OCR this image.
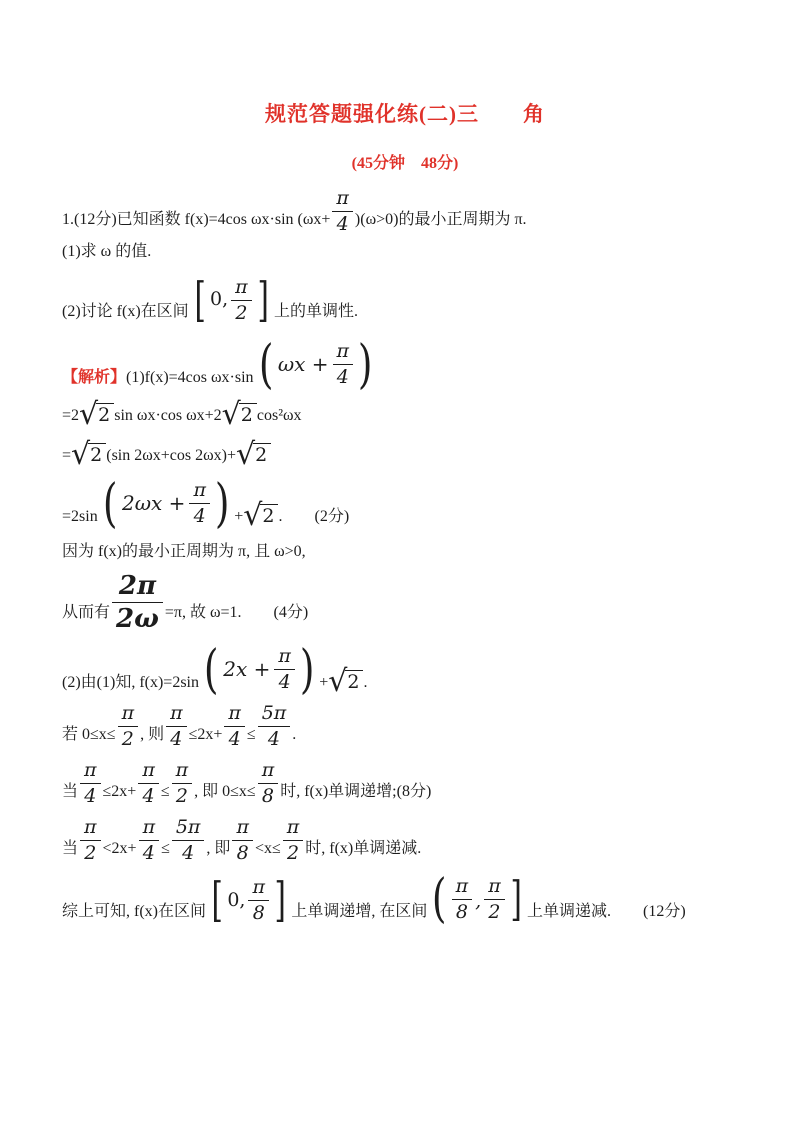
规范答题强化练(二)三　　角
(45分钟　48分)

1.(12分)已知函数 f(x)=4cos ωx·sin $(\omega x+ \frac{\pi}{4} )(\omega>0)$的最小正周期为 π.

(1)求 ω 的值.

(2)讨论 f(x)在区间 [ 0, $\frac{\pi}{2}$ ] 上的单调性.

【解析】(1)f(x)=4cos ωx·sin ( $\omega x + \frac{\pi}{4}$ )

=2 √ 2 sin ωx·cos ωx+2 √ 2 cos²ωx

= √ 2 (sin 2ωx+cos 2ωx)+ √ 2

=2sin ( $2\omega x + \frac{\pi}{4}$ ) + √ 2 .　　(2分)

因为 f(x)的最小正周期为 π, 且 ω>0,

从而有 $\frac{2\pi}{2\omega} =\pi$, 故 ω=1.　　(4分)

(2)由(1)知, f(x)=2sin ( $2x + \frac{\pi}{4}$ ) + √ 2 .

若 $0\le x\le \frac{\pi}{2}$ , 则 $\frac{\pi}{4} \le 2x+ \frac{\pi}{4} \le \frac{5\pi}{4}$ .

当 $\frac{\pi}{4} \le 2x+ \frac{\pi}{4} \le \frac{\pi}{2}$ , 即 $0\le x\le \frac{\pi}{8}$ 时, f(x)单调递增;(8分)

当 $\frac{\pi}{2} <2x+ \frac{\pi}{4} \le \frac{5\pi}{4}$ , 即 $\frac{\pi}{8} <x\le \frac{\pi}{2}$ 时, f(x)单调递减.

综上可知, f(x)在区间 [ 0, $\frac{\pi}{8}$ ] 上单调递增, 在区间 ( $\frac{\pi}{8}$ , $\frac{\pi}{2}$ ] 上单调递减.　　(12分)
